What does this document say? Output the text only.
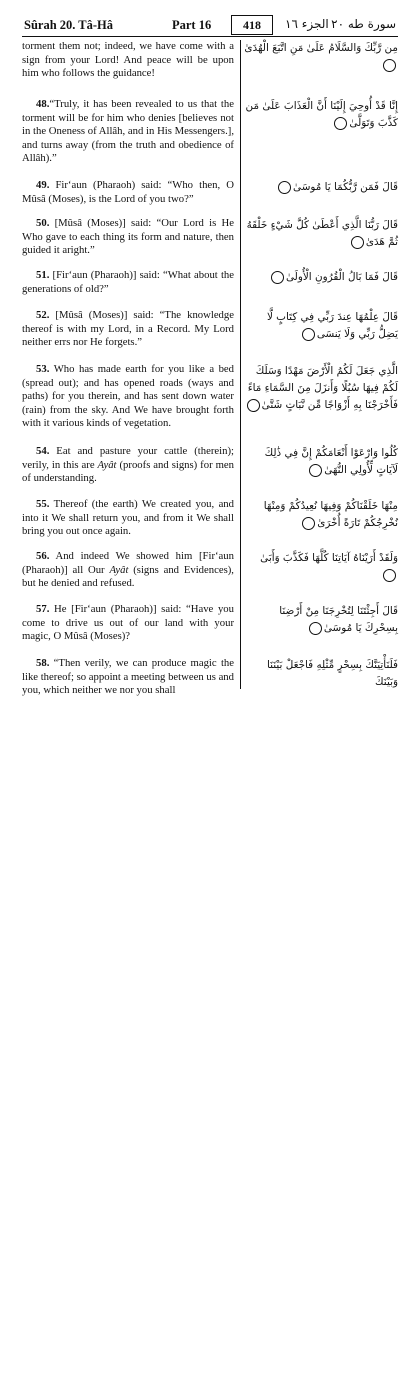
Sûrah 20. Tâ-Hâ	Part 16	418	الجزء ١٦ سورة طه ٢٠

torment them not; indeed, we have come with a sign from your Lord! And peace will be upon him who follows the guidance!

مِن رَّبِّكَ وَالسَّلَامُ عَلَىٰ مَنِ اتَّبَعَ الْهُدَىٰ

48.“Truly, it has been revealed to us that the torment will be for him who denies [believes not in the Oneness of Allâh, and in His Messengers.], and turns away (from the truth and obedience of Allâh).”

إِنَّا قَدْ أُوحِيَ إِلَيْنَا أَنَّ الْعَذَابَ عَلَىٰ مَن كَذَّبَ وَتَوَلَّىٰ

49. Fir‘aun (Pharaoh) said: “Who then, O Mûsâ (Moses), is the Lord of you two?”

قَالَ فَمَن رَّبُّكُمَا يَا مُوسَىٰ

50. [Mûsâ (Moses)] said: “Our Lord is He Who gave to each thing its form and nature, then guided it aright.”

قَالَ رَبُّنَا الَّذِي أَعْطَىٰ كُلَّ شَيْءٍ خَلْقَهُ ثُمَّ هَدَىٰ

51. [Fir‘aun (Pharaoh)] said: “What about the generations of old?”

قَالَ فَمَا بَالُ الْقُرُونِ الْأُولَىٰ

52. [Mûsâ (Moses)] said: “The knowledge thereof is with my Lord, in a Record. My Lord neither errs nor He forgets.”

قَالَ عِلْمُهَا عِندَ رَبِّي فِي كِتَابٍ لَّا يَضِلُّ رَبِّي وَلَا يَنسَى

53. Who has made earth for you like a bed (spread out); and has opened roads (ways and paths) for you therein, and has sent down water (rain) from the sky. And We have brought forth with it various kinds of vegetation.

الَّذِي جَعَلَ لَكُمُ الْأَرْضَ مَهْدًا وَسَلَكَ لَكُمْ فِيهَا سُبُلًا وَأَنزَلَ مِنَ السَّمَاءِ مَاءً فَأَخْرَجْنَا بِهِ أَزْوَاجًا مِّن نَّبَاتٍ شَتَّىٰ

54. Eat and pasture your cattle (therein); verily, in this are Ayât (proofs and signs) for men of understanding.

كُلُوا وَارْعَوْا أَنْعَامَكُمْ إِنَّ فِي ذَٰلِكَ لَآيَاتٍ لِّأُولِي النُّهَىٰ

55. Thereof (the earth) We created you, and into it We shall return you, and from it We shall bring you out once again.

مِنْهَا خَلَقْنَاكُمْ وَفِيهَا نُعِيدُكُمْ وَمِنْهَا نُخْرِجُكُمْ تَارَةً أُخْرَىٰ

56. And indeed We showed him [Fir‘aun (Pharaoh)] all Our Ayât (signs and Evidences), but he denied and refused.

وَلَقَدْ أَرَيْنَاهُ آيَاتِنَا كُلَّهَا فَكَذَّبَ وَأَبَىٰ

57. He [Fir‘aun (Pharaoh)] said: “Have you come to drive us out of our land with your magic, O Mûsâ (Moses)?

قَالَ أَجِئْتَنَا لِتُخْرِجَنَا مِنْ أَرْضِنَا بِسِحْرِكَ يَا مُوسَىٰ

58. “Then verily, we can produce magic the like thereof; so appoint a meeting between us and you, which neither we nor you shall

فَلَنَأْتِيَنَّكَ بِسِحْرٍ مِّثْلِهِ فَاجْعَلْ بَيْنَنَا وَبَيْنَكَ
